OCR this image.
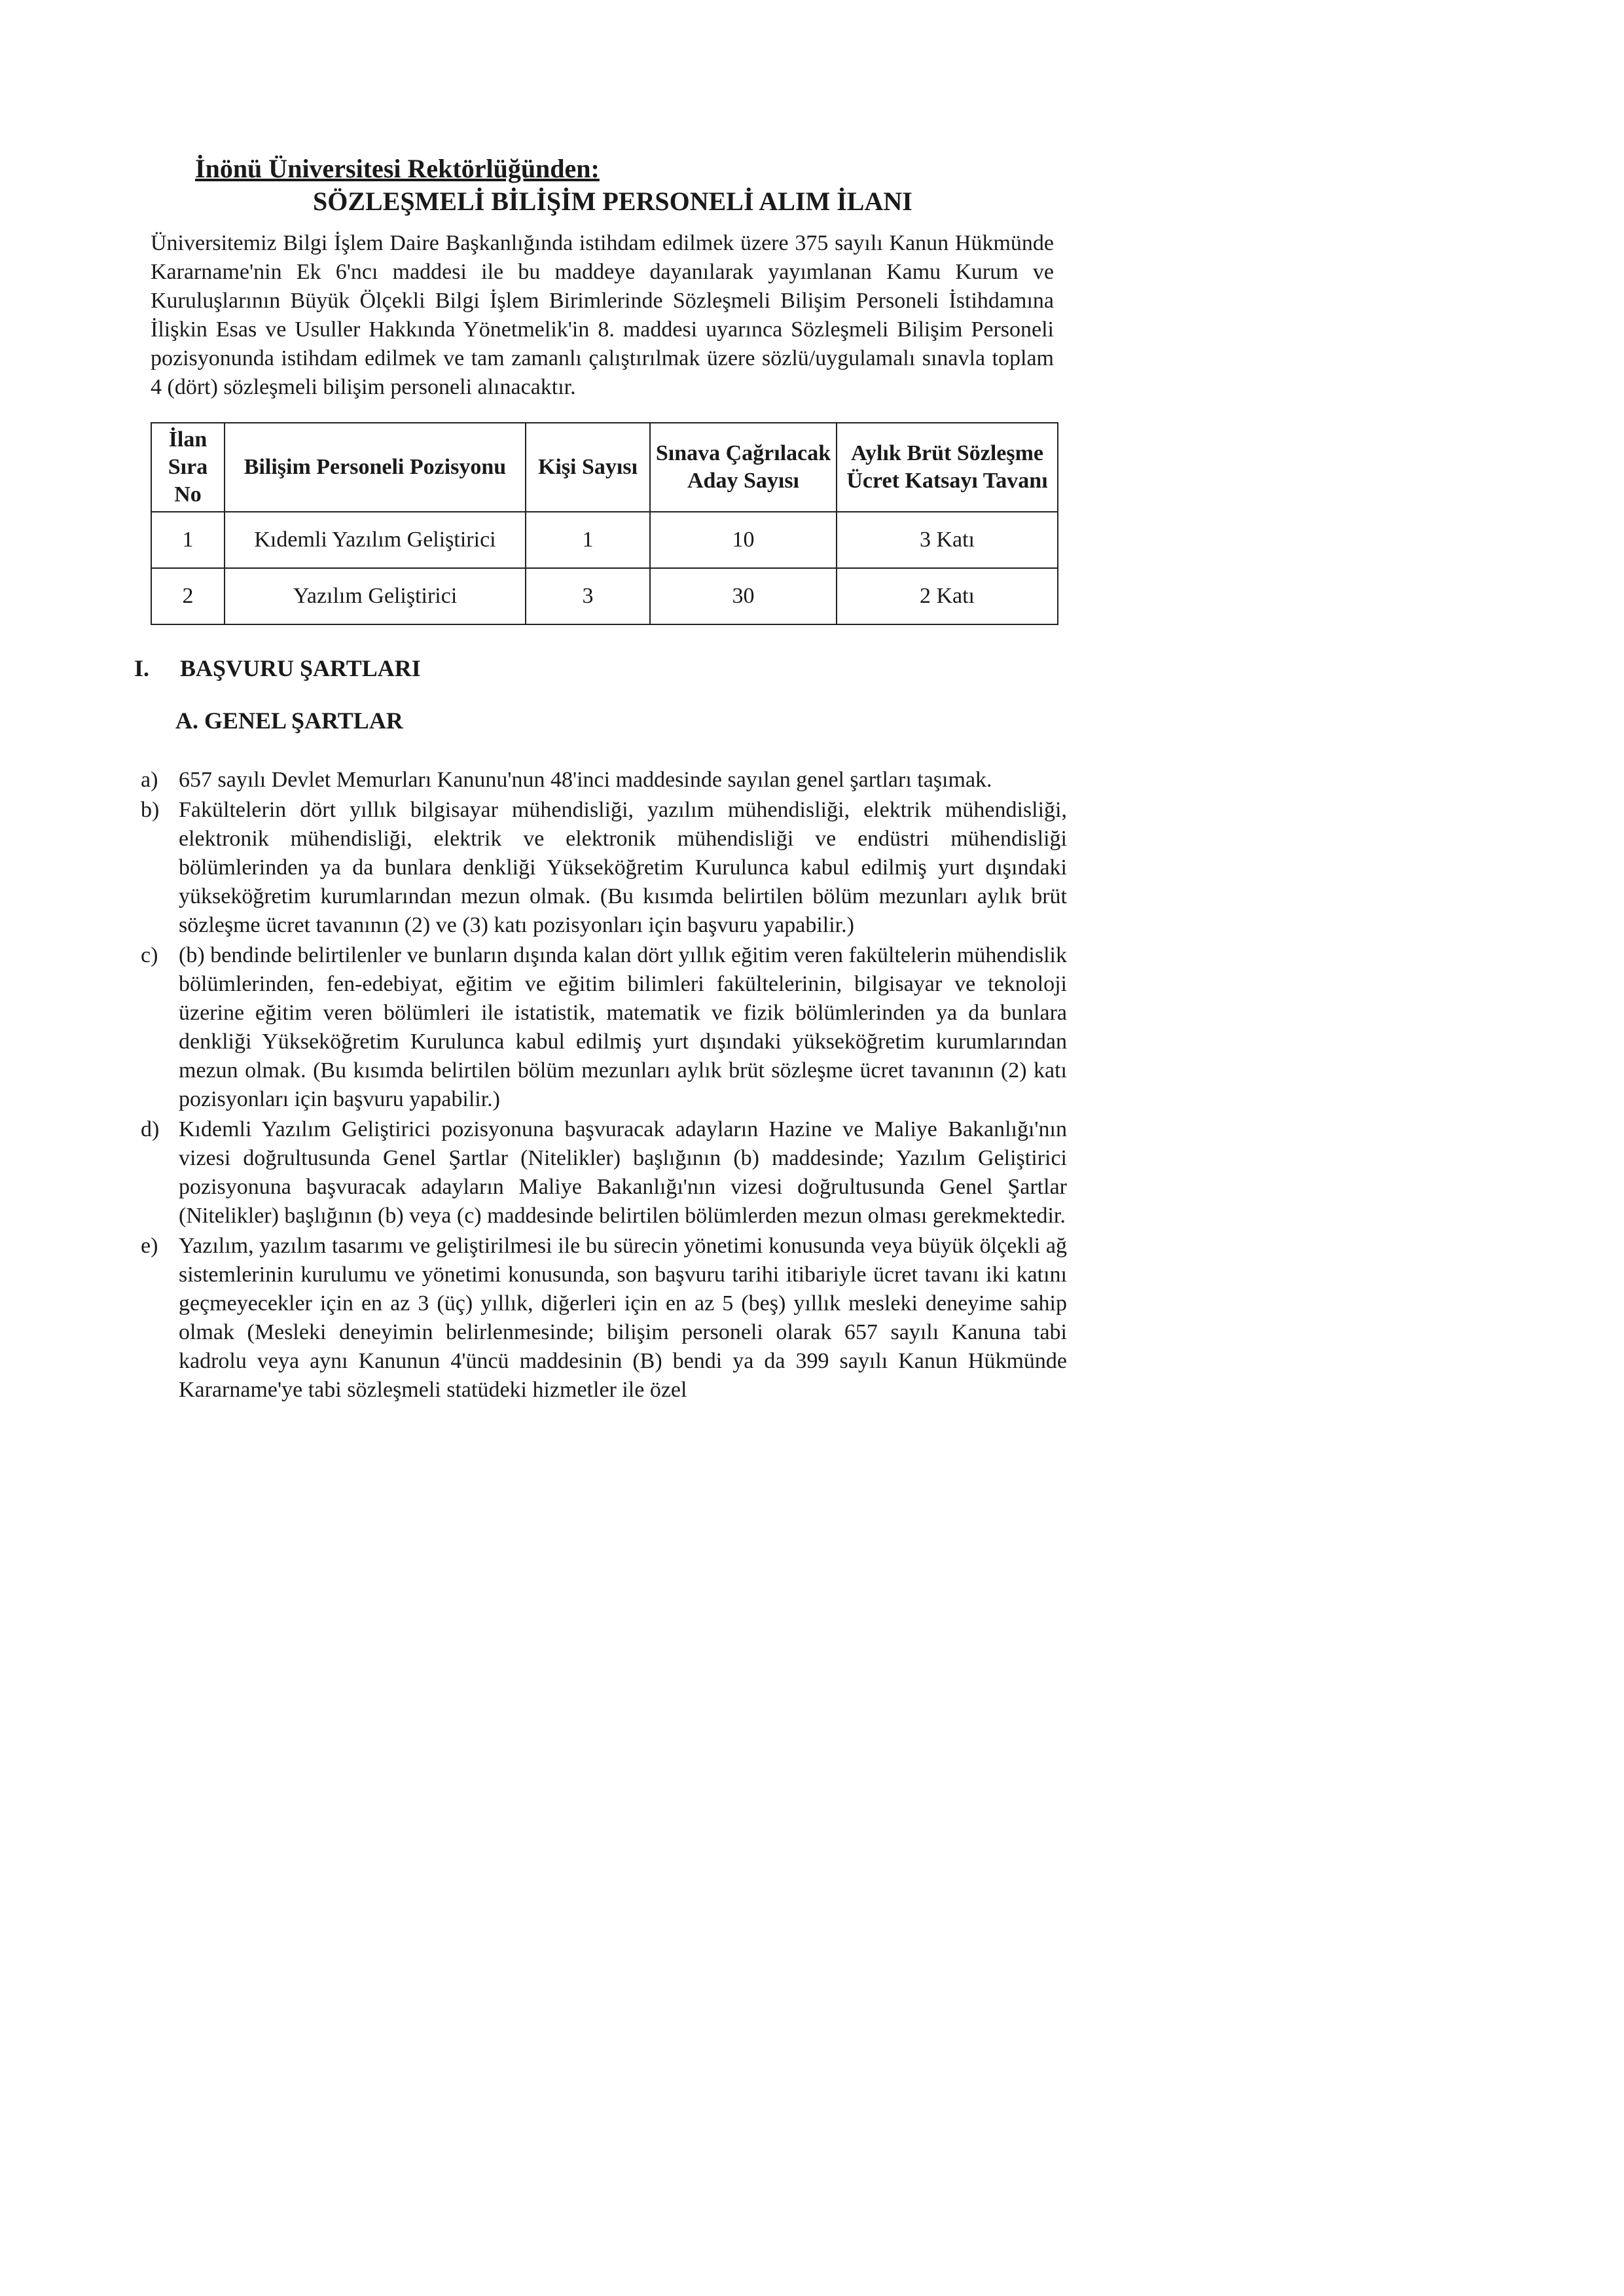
İnönü Üniversitesi Rektörlüğünden:
SÖZLEŞMELİ BİLİŞİM PERSONELİ ALIM İLANI

Üniversitemiz Bilgi İşlem Daire Başkanlığında istihdam edilmek üzere 375 sayılı Kanun Hükmünde Kararname'nin Ek 6'ncı maddesi ile bu maddeye dayanılarak yayımlanan Kamu Kurum ve Kuruluşlarının Büyük Ölçekli Bilgi İşlem Birimlerinde Sözleşmeli Bilişim Personeli İstihdamına İlişkin Esas ve Usuller Hakkında Yönetmelik'in 8. maddesi uyarınca Sözleşmeli Bilişim Personeli pozisyonunda istihdam edilmek ve tam zamanlı çalıştırılmak üzere sözlü/uygulamalı sınavla toplam 4 (dört) sözleşmeli bilişim personeli alınacaktır.

İlan Sıra No	Bilişim Personeli Pozisyonu	Kişi Sayısı	Sınava Çağrılacak Aday Sayısı	Aylık Brüt Sözleşme Ücret Katsayı Tavanı
1	Kıdemli Yazılım Geliştirici	1	10	3 Katı
2	Yazılım Geliştirici	3	30	2 Katı
I. BAŞVURU ŞARTLARI
A. GENEL ŞARTLAR
a) 657 sayılı Devlet Memurları Kanunu'nun 48'inci maddesinde sayılan genel şartları taşımak.
b) Fakültelerin dört yıllık bilgisayar mühendisliği, yazılım mühendisliği, elektrik mühendisliği, elektronik mühendisliği, elektrik ve elektronik mühendisliği ve endüstri mühendisliği bölümlerinden ya da bunlara denkliği Yükseköğretim Kurulunca kabul edilmiş yurt dışındaki yükseköğretim kurumlarından mezun olmak. (Bu kısımda belirtilen bölüm mezunları aylık brüt sözleşme ücret tavanının (2) ve (3) katı pozisyonları için başvuru yapabilir.)
c) (b) bendinde belirtilenler ve bunların dışında kalan dört yıllık eğitim veren fakültelerin mühendislik bölümlerinden, fen-edebiyat, eğitim ve eğitim bilimleri fakültelerinin, bilgisayar ve teknoloji üzerine eğitim veren bölümleri ile istatistik, matematik ve fizik bölümlerinden ya da bunlara denkliği Yükseköğretim Kurulunca kabul edilmiş yurt dışındaki yükseköğretim kurumlarından mezun olmak. (Bu kısımda belirtilen bölüm mezunları aylık brüt sözleşme ücret tavanının (2) katı pozisyonları için başvuru yapabilir.)
d) Kıdemli Yazılım Geliştirici pozisyonuna başvuracak adayların Hazine ve Maliye Bakanlığı'nın vizesi doğrultusunda Genel Şartlar (Nitelikler) başlığının (b) maddesinde; Yazılım Geliştirici pozisyonuna başvuracak adayların Maliye Bakanlığı'nın vizesi doğrultusunda Genel Şartlar (Nitelikler) başlığının (b) veya (c) maddesinde belirtilen bölümlerden mezun olması gerekmektedir.
e) Yazılım, yazılım tasarımı ve geliştirilmesi ile bu sürecin yönetimi konusunda veya büyük ölçekli ağ sistemlerinin kurulumu ve yönetimi konusunda, son başvuru tarihi itibariyle ücret tavanı iki katını geçmeyecekler için en az 3 (üç) yıllık, diğerleri için en az 5 (beş) yıllık mesleki deneyime sahip olmak (Mesleki deneyimin belirlenmesinde; bilişim personeli olarak 657 sayılı Kanuna tabi kadrolu veya aynı Kanunun 4'üncü maddesinin (B) bendi ya da 399 sayılı Kanun Hükmünde Kararname'ye tabi sözleşmeli statüdeki hizmetler ile özel
